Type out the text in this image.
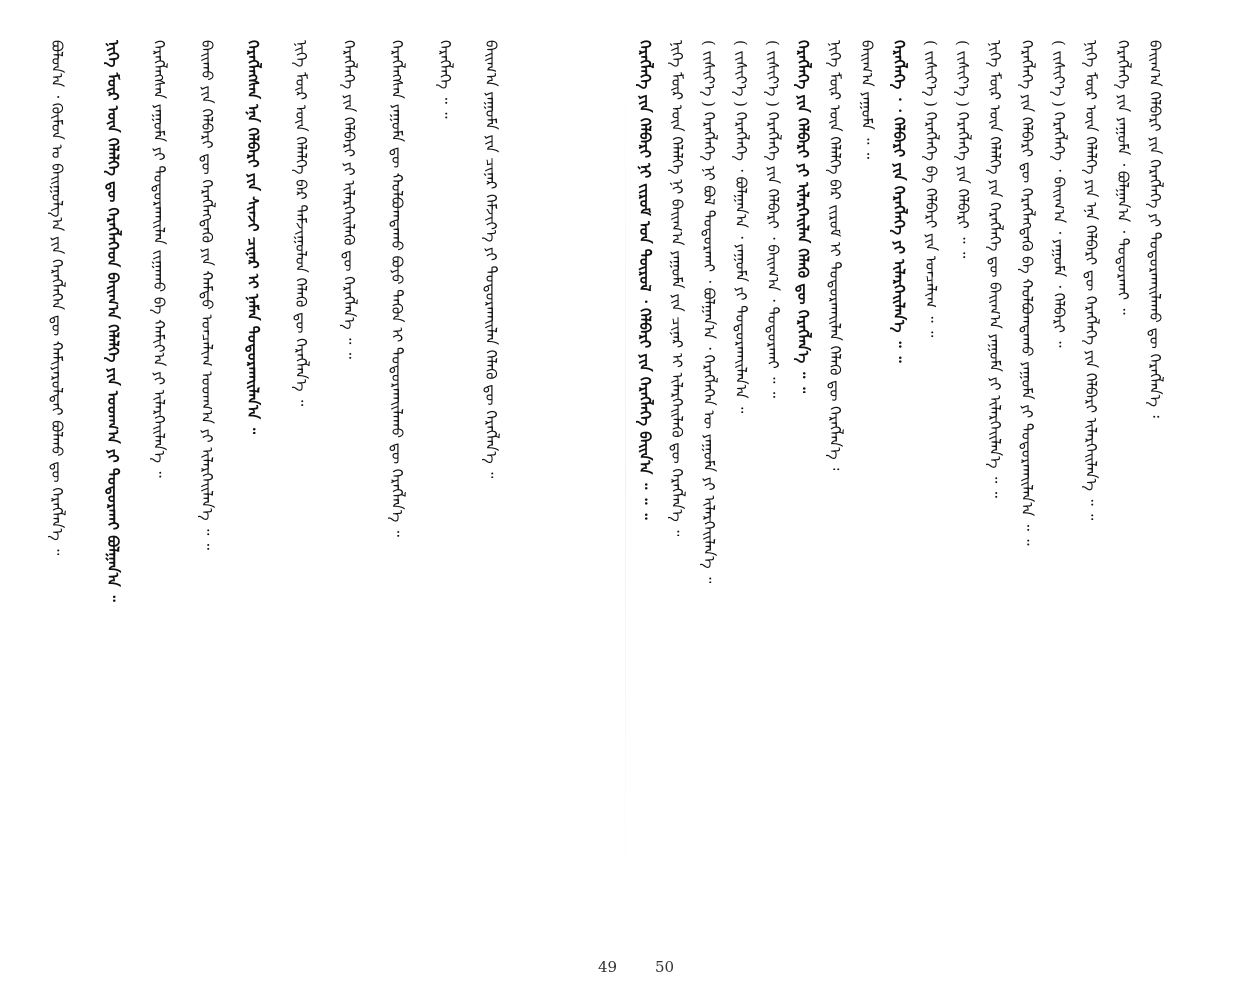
ᠪᠣᠯᠤᠨ᠎ᠠ ᠂ ᠬᠦᠮᠦᠨ ᠤ ᠪᠠᠢᠭᠤᠯᠭ᠎ᠠ ᠶᠢᠨ ᠬᠡᠷᠡᠭᠯᠡᠭᠡᠨ ᠳᠦ ᠬᠠᠮᠢᠶᠠᠷᠤᠯᠲᠠᠢ ᠪᠣᠯᠬᠤ ᠳᠦ ᠬᠡᠷᠡᠭᠯᠡᠨ᠎ᠡ ᠃	ᠨᠢᠭᠡ ᠮᠥᠷ ᠦᠨ ᠬᠡᠯᠡᠯᠭᠡ ᠳᠦ ᠬᠡᠷᠡᠭᠯᠡᠭᠡᠳ ᠪᠠᠢᠭ᠎ᠠ ᠬᠡᠯᠡᠯᠭᠡ ᠶᠢᠨ ᠤᠳᠬ᠎ᠠ ᠶᠢ ᠲᠣᠳᠣᠷᠬᠠᠢ ᠪᠣᠯᠭᠠᠨ᠎ᠠ ᠃ ᠬᠡᠷᠡᠭᠯᠡᠭᠰᠡᠨ ᠶᠠᠭᠤᠮᠠ ᠶᠢ ᠲᠣᠳᠣᠷᠬᠠᠢᠯᠠᠨ ᠵᠢᠭᠠᠬᠤ ᠪᠠ ᠬᠠᠮᠢᠶ᠎ᠠ ᠶᠢ ᠢᠯᠡᠷᠬᠡᠢᠯᠡᠨ᠎ᠡ ᠃ ᠪᠠᠢᠬᠤ ᠶᠢᠨ ᠬᠡᠯᠪᠡᠷᠢ ᠳᠦ ᠬᠡᠷᠡᠭᠯᠡᠭᠳᠡᠬᠦ ᠶᠢᠨ ᠬᠠᠮᠲᠤ ᠣᠨᠴᠠᠯᠢᠭ ᠤᠳᠬ᠎ᠠ ᠶᠢ ᠢᠯᠡᠷᠬᠡᠢᠯᠡᠨ᠎ᠡ ᠃ ᠃ ᠬᠡᠷᠡᠭᠯᠡᠭᠰᠡᠨ ᠡᠨᠡ ᠬᠡᠯᠪᠡᠷᠢ ᠶᠢᠨ ᠰᠢᠨᠵᠢ ᠴᠢᠨᠠᠷ ᠢ ᠨᠡᠮᠡᠨ ᠲᠣᠳᠣᠷᠬᠠᠢᠯᠠᠨ᠎ᠠ ᠃ ᠨᠢᠭᠡ ᠮᠥᠷ ᠦᠨ ᠬᠡᠯᠡᠯᠭᠡ ᠪᠡᠷ ᠳᠠᠮᠵᠢᠭᠤᠯᠤᠨ ᠬᠡᠯᠡᠬᠦ ᠳᠦ ᠬᠡᠷᠡᠭᠯᠡᠨ᠎ᠡ ᠃ ᠬᠡᠷᠡᠭᠯᠡᠭᠡ ᠶᠢᠨ ᠬᠡᠯᠪᠡᠷᠢ ᠶᠢ ᠢᠯᠡᠷᠬᠡᠢᠯᠡᠬᠦ ᠳᠦ ᠬᠡᠷᠡᠭᠯᠡᠨ᠎ᠡ ᠃ ᠃ ᠬᠡᠷᠡᠭᠯᠡᠭᠰᠡᠨ ᠶᠠᠭᠤᠮᠠ ᠳᠦ ᠬᠣᠯᠪᠣᠭᠳᠠᠬᠤ ᠪᠤᠶᠤ ᠲᠡᠭᠦᠨ ᠢ ᠲᠣᠳᠣᠷᠬᠠᠢᠯᠠᠬᠤ ᠳᠦ ᠬᠡᠷᠡᠭᠯᠡᠨ᠎ᠡ ᠃ ᠬᠡᠷᠡᠭᠯᠡᠭᠡ ᠃ ᠃ ᠪᠠᠢᠭ᠎ᠠ ᠶᠠᠭᠤᠮᠠ ᠶᠢᠨ ᠴᠢᠨᠠᠷ ᠬᠡᠮᠵᠢᠶ᠎ᠡ ᠶᠢ ᠲᠣᠳᠣᠷᠬᠠᠢᠯᠠᠨ ᠬᠡᠯᠡᠬᠦ ᠳᠦ ᠬᠡᠷᠡᠭᠯᠡᠨ᠎ᠡ ᠃	ᠬᠡᠷᠡᠭᠯᠡᠭᠡ ᠶᠢᠨ ᠬᠡᠯᠪᠡᠷᠢ ᠨᠢ ᠵᠢᠷᠤᠮ ᠤᠨ ᠲᠥᠷᠦᠯ ᠂ ᠬᠡᠯᠪᠡᠷᠢ ᠶᠢᠨ ᠬᠡᠷᠡᠭᠯᠡᠭᠡ ᠪᠠᠢᠨ᠎ᠠ ᠃ ᠃ ᠃ ᠨᠢᠭᠡ ᠮᠥᠷ ᠦᠨ ᠬᠡᠯᠡᠯᠭᠡ ᠨᠢ ᠪᠠᠢᠭ᠎ᠠ ᠶᠠᠭᠤᠮᠠ ᠶᠢᠨ ᠴᠢᠨᠠᠷ ᠢ ᠢᠯᠡᠷᠬᠡᠢᠯᠡᠬᠦ ᠳᠦ ᠬᠡᠷᠡᠭᠯᠡᠨ᠎ᠡ ᠃ ( ᠵᠢᠱᠢᠶ᠎ᠡ ) ᠬᠡᠷᠡᠭᠯᠡᠭᠡ ᠨᠢ ᠪᠣᠯ ᠲᠣᠳᠣᠷᠬᠠᠢ ᠂ ᠪᠣᠯᠭᠠᠨ᠎ᠠ ᠂ ᠬᠡᠷᠡᠭᠯᠡᠭᠡᠨ ᠦ ᠶᠠᠭᠤᠮᠠ ᠶᠢ ᠢᠯᠡᠷᠬᠡᠢᠯᠡᠨ᠎ᠡ ᠃ ( ᠵᠢᠱᠢᠶ᠎ᠡ ) ᠬᠡᠷᠡᠭᠯᠡᠭᠡ ᠂ ᠪᠣᠯᠭᠠᠨ᠎ᠠ ᠂ ᠶᠠᠭᠤᠮᠠ ᠶᠢ ᠲᠣᠳᠣᠷᠬᠠᠢᠯᠠᠨ᠎ᠠ ᠃ ( ᠵᠢᠱᠢᠶ᠎ᠡ ) ᠬᠡᠷᠡᠭᠯᠡᠭᠡ ᠶᠢᠨ ᠬᠡᠯᠪᠡᠷᠢ ᠂ ᠪᠠᠢᠭ᠎ᠠ ᠂ ᠲᠣᠳᠣᠷᠬᠠᠢ ᠃ ᠃ ᠬᠡᠷᠡᠭᠯᠡᠭᠡ ᠶᠢᠨ ᠬᠡᠯᠪᠡᠷᠢ ᠶᠢ ᠢᠯᠡᠷᠬᠡᠢᠯᠡᠨ ᠬᠡᠯᠡᠬᠦ ᠳᠦ ᠬᠡᠷᠡᠭᠯᠡᠨ᠎ᠡ ᠃ ᠃ ᠨᠢᠭᠡ ᠮᠥᠷ ᠦᠨ ᠬᠡᠯᠡᠯᠭᠡ ᠪᠡᠷ ᠵᠢᠷᠤᠮ ᠢ ᠲᠣᠳᠣᠷᠬᠠᠢᠯᠠᠨ ᠬᠡᠯᠡᠬᠦ ᠳᠦ ᠬᠡᠷᠡᠭᠯᠡᠨ᠎ᠡ ᠄ ᠪᠠᠢᠭ᠎ᠠ ᠶᠠᠭᠤᠮᠠ ᠃ ᠃ ᠬᠡᠷᠡᠭᠯᠡᠭᠡ ᠂ ᠂ ᠬᠡᠯᠪᠡᠷᠢ ᠶᠢᠨ ᠬᠡᠷᠡᠭᠯᠡᠭᠡ ᠶᠢ ᠢᠯᠡᠷᠬᠡᠢᠯᠡᠨ᠎ᠡ ᠃ ᠃ ( ᠵᠢᠱᠢᠶ᠎ᠡ ) ᠬᠡᠷᠡᠭᠯᠡᠭᠡ ᠪᠠ ᠬᠡᠯᠪᠡᠷᠢ ᠶᠢᠨ ᠣᠨᠴᠠᠯᠢᠭ ᠃ ᠃ ( ᠵᠢᠱᠢᠶ᠎ᠡ ) ᠬᠡᠷᠡᠭᠯᠡᠭᠡ ᠶᠢᠨ ᠬᠡᠯᠪᠡᠷᠢ ᠃ ᠃ ᠨᠢᠭᠡ ᠮᠥᠷ ᠦᠨ ᠬᠡᠯᠡᠯᠭᠡ ᠶᠢᠨ ᠬᠡᠷᠡᠭᠯᠡᠭᠡ ᠳᠦ ᠪᠠᠢᠭ᠎ᠠ ᠶᠠᠭᠤᠮᠠ ᠶᠢ ᠢᠯᠡᠷᠬᠡᠢᠯᠡᠨ᠎ᠡ ᠃ ᠃ ᠬᠡᠷᠡᠭᠯᠡᠭᠡ ᠶᠢᠨ ᠬᠡᠯᠪᠡᠷᠢ ᠳᠦ ᠬᠡᠷᠡᠭᠯᠡᠭᠳᠡᠬᠦ ᠪᠠ ᠬᠣᠯᠪᠣᠭᠳᠠᠬᠤ ᠶᠠᠭᠤᠮᠠ ᠶᠢ ᠲᠣᠳᠣᠷᠬᠠᠢᠯᠠᠨ᠎ᠠ ᠃ ᠃ ( ᠵᠢᠱᠢᠶ᠎ᠡ ) ᠬᠡᠷᠡᠭᠯᠡᠭᠡ ᠂ ᠪᠠᠢᠭ᠎ᠠ ᠂ ᠶᠠᠭᠤᠮᠠ ᠂ ᠬᠡᠯᠪᠡᠷᠢ ᠃ ᠨᠢᠭᠡ ᠮᠥᠷ ᠦᠨ ᠬᠡᠯᠡᠯᠭᠡ ᠶᠢᠨ ᠡᠨᠡ ᠬᠡᠯᠪᠡᠷᠢ ᠳᠦ ᠬᠡᠷᠡᠭᠯᠡᠭᠡ ᠶᠢᠨ ᠬᠡᠯᠪᠡᠷᠢ ᠢᠯᠡᠷᠬᠡᠢᠯᠡᠨ᠎ᠡ ᠃ ᠃ ᠬᠡᠷᠡᠭᠯᠡᠭᠡ ᠶᠢᠨ ᠶᠠᠭᠤᠮᠠ ᠂ ᠪᠣᠯᠭᠠᠨ᠎ᠠ ᠂ ᠲᠣᠳᠣᠷᠬᠠᠢ ᠃ ᠪᠠᠢᠭ᠎ᠠ ᠬᠡᠯᠪᠡᠷᠢ ᠶᠢᠨ ᠬᠡᠷᠡᠭᠯᠡᠭᠡ ᠶᠢ ᠲᠣᠳᠣᠷᠬᠠᠢᠯᠠᠬᠤ ᠳᠦ ᠬᠡᠷᠡᠭᠯᠡᠨ᠎ᠡ ᠄
49	50
